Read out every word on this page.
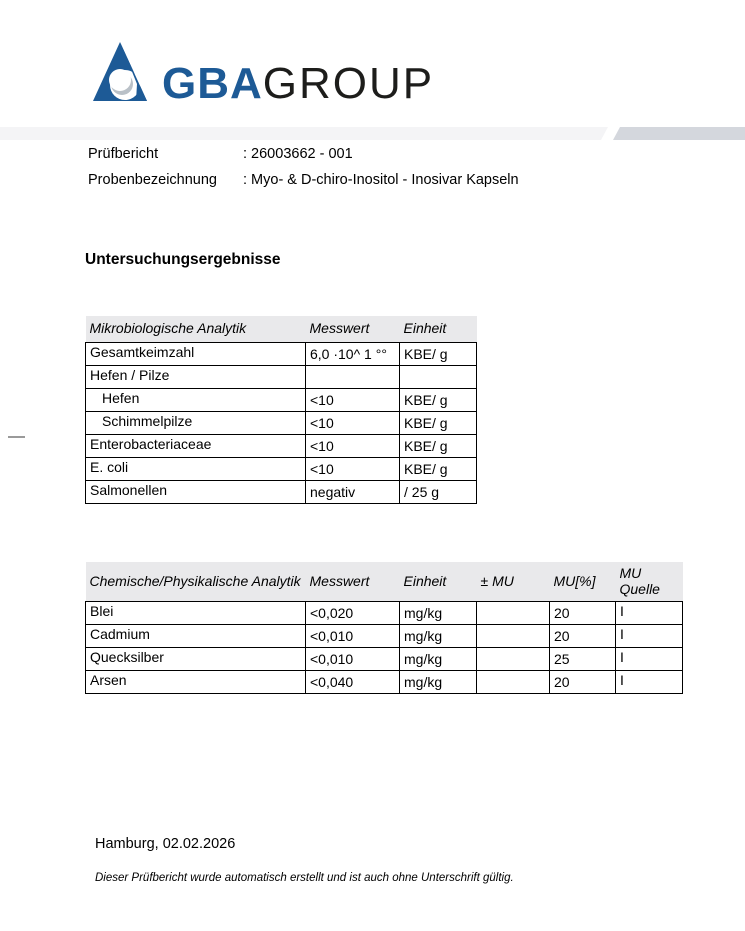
GBA GROUP
Prüfbericht	: 26003662 - 001
Probenbezeichnung	: Myo- & D-chiro-Inositol - Inosivar Kapseln
Untersuchungsergebnisse
Mikrobiologische Analytik	Messwert	Einheit
Gesamtkeimzahl	6,0 ·10^ 1 °°	KBE/ g
Hefen / Pilze		
Hefen	<10	KBE/ g
Schimmelpilze	<10	KBE/ g
Enterobacteriaceae	<10	KBE/ g
E. coli	<10	KBE/ g
Salmonellen	negativ	/ 25 g
Chemische/Physikalische Analytik	Messwert	Einheit	± MU	MU[%]	MU Quelle
Blei	<0,020	mg/kg		20	I
Cadmium	<0,010	mg/kg		20	I
Quecksilber	<0,010	mg/kg		25	I
Arsen	<0,040	mg/kg		20	I
Hamburg, 02.02.2026
Dieser Prüfbericht wurde automatisch erstellt und ist auch ohne Unterschrift gültig.
